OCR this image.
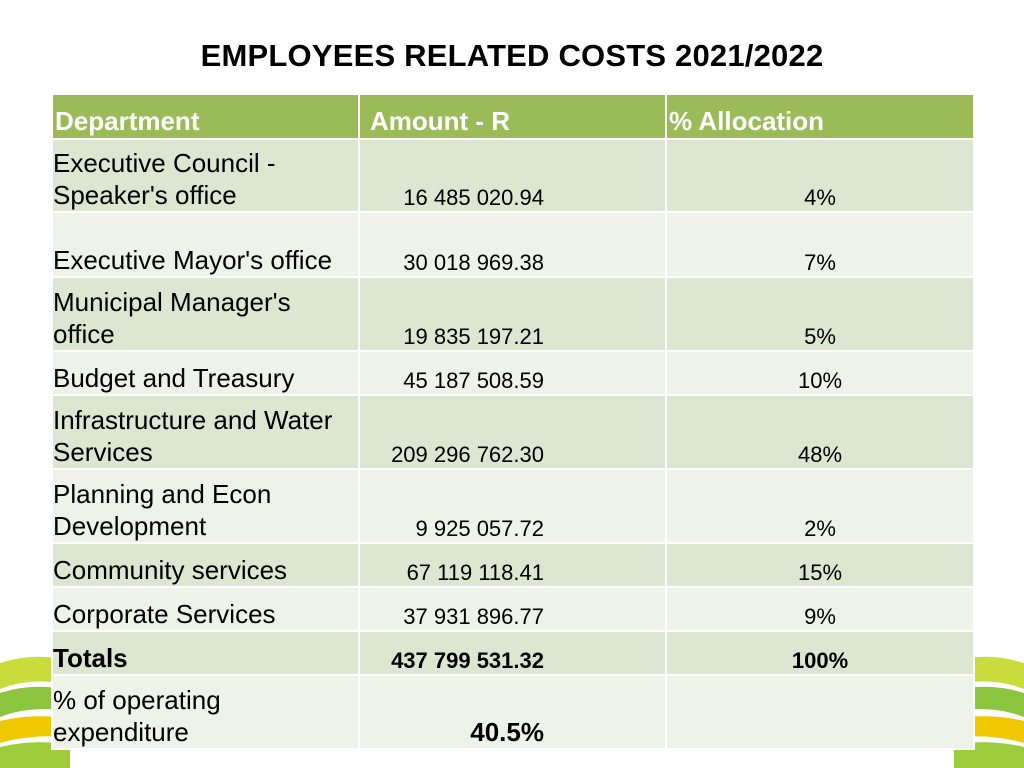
EMPLOYEES RELATED COSTS 2021/2022
Department	Amount - R	% Allocation
Executive Council - Speaker's office	16 485 020.94	4%
Executive Mayor's office	30 018 969.38	7%
Municipal Manager's office	19 835 197.21	5%
Budget and Treasury	45 187 508.59	10%
Infrastructure and Water Services	209 296 762.30	48%
Planning and Econ Development	9 925 057.72	2%
Community services	67 119 118.41	15%
Corporate Services	37 931 896.77	9%
Totals	437 799 531.32	100%
% of operating expenditure	40.5%	
